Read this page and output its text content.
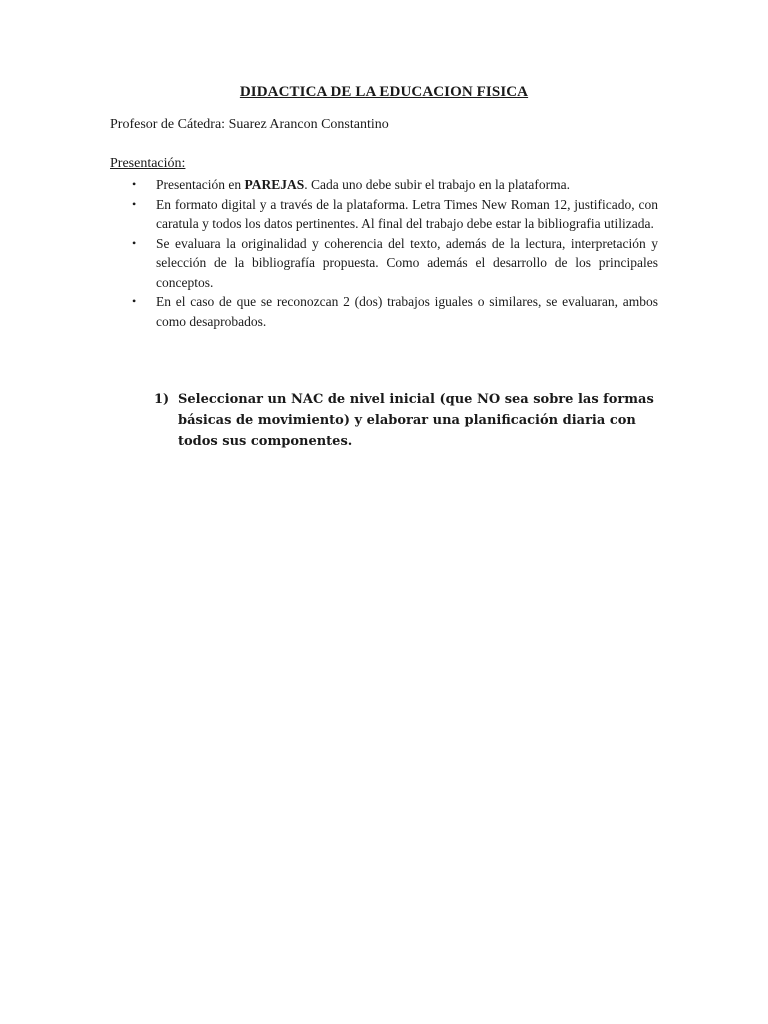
DIDACTICA DE LA EDUCACION FISICA
Profesor de Cátedra: Suarez Arancon Constantino
Presentación:
• Presentación en PAREJAS. Cada uno debe subir el trabajo en la plataforma.
• En formato digital y a través de la plataforma. Letra Times New Roman 12, justificado, con caratula y todos los datos pertinentes. Al final del trabajo debe estar la bibliografia utilizada.
• Se evaluara la originalidad y coherencia del texto, además de la lectura, interpretación y selección de la bibliografía propuesta. Como además el desarrollo de los principales conceptos.
• En el caso de que se reconozcan 2 (dos) trabajos iguales o similares, se evaluaran, ambos como desaprobados.
1) Seleccionar un NAC de nivel inicial (que NO sea sobre las formas básicas de movimiento) y elaborar una planificación diaria con todos sus componentes.
